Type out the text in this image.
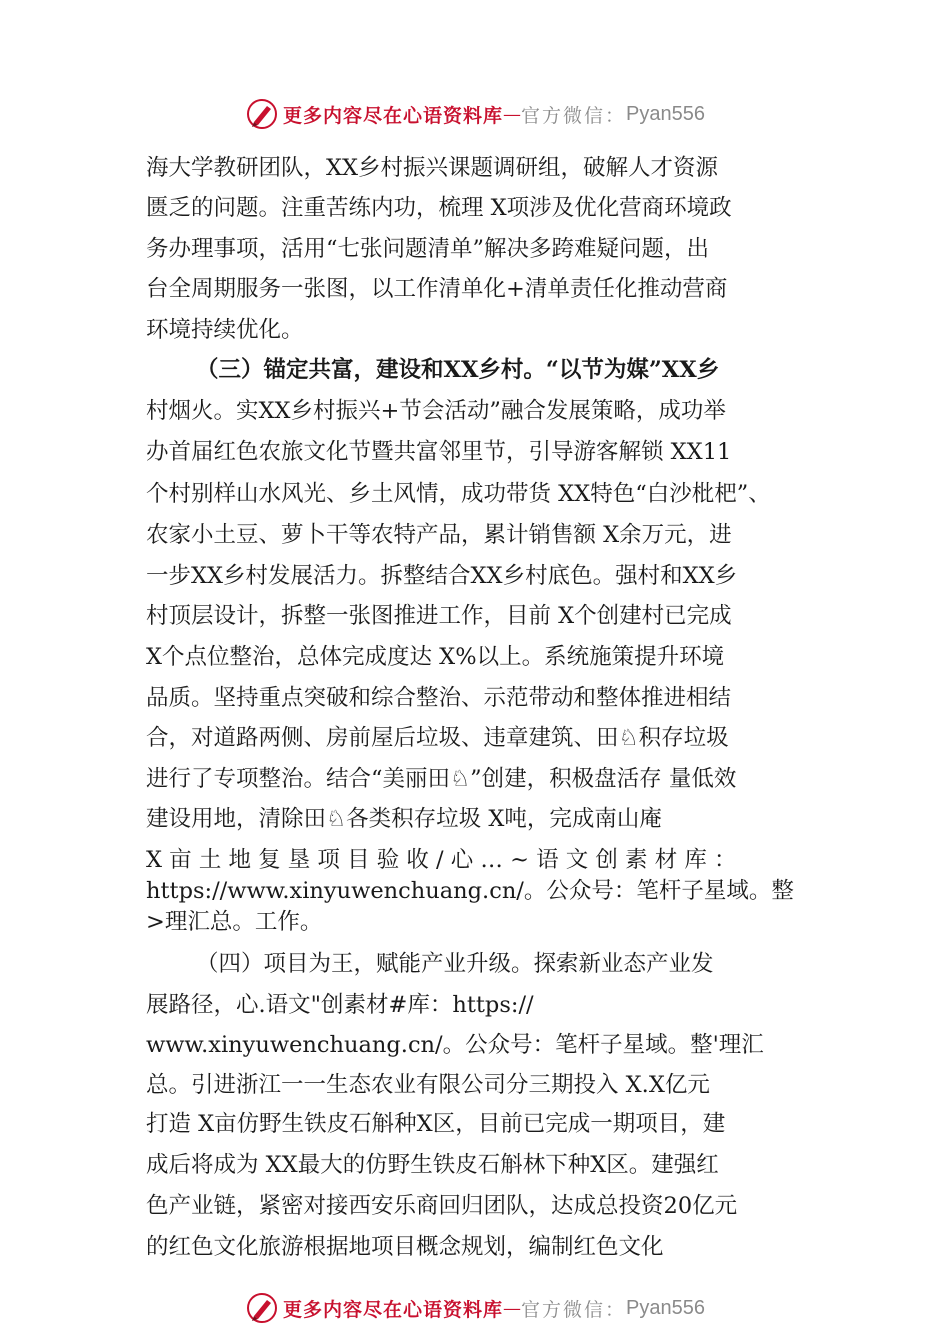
更多内容尽在心语资料库 — 官方微信： Pyan556
海大学教研团队，XX乡村振兴课题调研组，破解人才资源
匮乏的问题。注重苦练内功，梳理 X项涉及优化营商环境政
务办理事项，活用“七张问题清单”解决多跨难疑问题，出
台全周期服务一张图，以工作清单化+清单责任化推动营商
环境持续优化。
（三）锚定共富，建设和XX乡村。“以节为媒”XX乡
村烟火。实XX乡村振兴+节会活动”融合发展策略，成功举
办首届红色农旅文化节暨共富邻里节，引导游客解锁 XX11
个村别样山水风光、乡土风情，成功带货 XX特色“白沙枇杷”、
农家小土豆、萝卜干等农特产品，累计销售额 X余万元，进
一步XX乡村发展活力。拆整结合XX乡村底色。强村和XX乡
村顶层设计，拆整一张图推进工作，目前 X个创建村已完成
X个点位整治，总体完成度达 X%以上。系统施策提升环境
品质。坚持重点突破和综合整治、示范带动和整体推进相结
合，对道路两侧、房前屋后垃圾、违章建筑、田♘积存垃圾
进行了专项整治。结合“美丽田♘”创建，积极盘活存 量低效
建设用地，清除田♘各类积存垃圾 X吨，完成南山庵
X 亩 土 地 复 垦 项 目 验 收 / 心 … ~ 语 文 创 素 材 库 ：
https://www.xinyuwenchuang.cn/。公众号：笔杆子星域。整
>理汇总。工作。
（四）项目为王，赋能产业升级。探索新业态产业发
展路径，心.语文"创素材#库：https://
www.xinyuwenchuang.cn/。公众号：笔杆子星域。整'理汇
总。引进浙江一一生态农业有限公司分三期投入 X.X亿元
打造 X亩仿野生铁皮石斛种X区，目前已完成一期项目，建
成后将成为 XX最大的仿野生铁皮石斛林下种X区。建强红
色产业链，紧密对接西安乐商回归团队，达成总投资20亿元
的红色文化旅游根据地项目概念规划，编制红色文化
更多内容尽在心语资料库 — 官方微信： Pyan556
